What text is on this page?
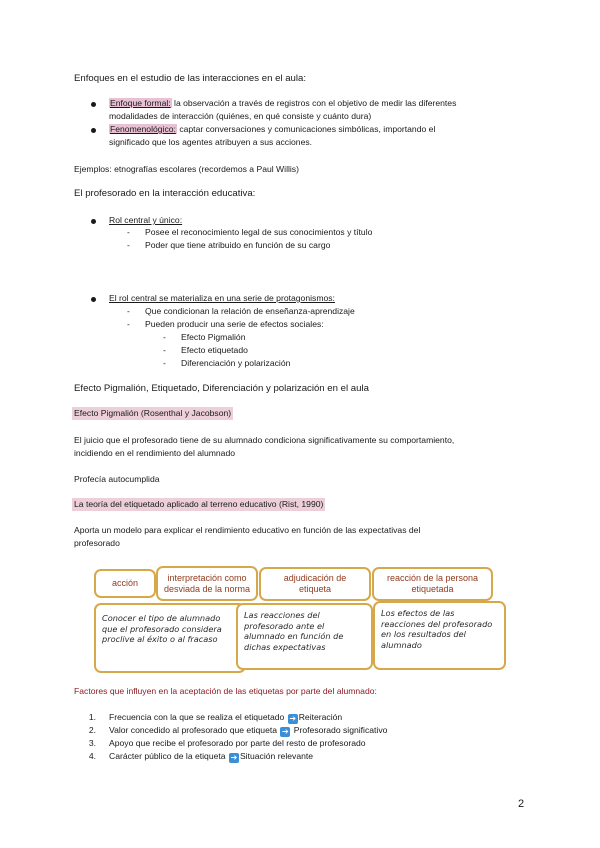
Enfoques en el estudio de las interacciones en el aula:
Enfoque formal: la observación a través de registros con el objetivo de medir las diferentes
modalidades de interacción (quiénes, en qué consiste y cuánto dura)
Fenomenológico: captar conversaciones y comunicaciones simbólicas, importando el
significado que los agentes atribuyen a sus acciones.
Ejemplos: etnografías escolares (recordemos a Paul Willis)
El profesorado en la interacción educativa:
Rol central y único:
- Posee el reconocimiento legal de sus conocimientos y título
- Poder que tiene atribuido en función de su cargo
El rol central se materializa en una serie de protagonismos:
- Que condicionan la relación de enseñanza-aprendizaje
- Pueden producir una serie de efectos sociales:
- Efecto Pigmalión
- Efecto etiquetado
- Diferenciación y polarización
Efecto Pigmalión, Etiquetado, Diferenciación y polarización en el aula
Efecto Pigmalión (Rosenthal y Jacobson)
El juicio que el profesorado tiene de su alumnado condiciona significativamente su comportamiento,
incidiendo en el rendimiento del alumnado
Profecía autocumplida
La teoría del etiquetado aplicado al terreno educativo (Rist, 1990)
Aporta un modelo para explicar el rendimiento educativo en función de las expectativas del
profesorado
acción
interpretación como
desviada de la norma
adjudicación de
etiqueta
reacción de la persona
etiquetada
Conocer el tipo de alumnado
que el profesorado considera
proclive al éxito o al fracaso
Las reacciones del
profesorado ante el
alumnado en función de
dichas expectativas
Los efectos de las
reacciones del profesorado
en los resultados del
alumnado
Factores que influyen en la aceptación de las etiquetas por parte del alumnado:
1. Frecuencia con la que se realiza el etiquetado ➔ Reiteración
2. Valor concedido al profesorado que etiqueta ➔ Profesorado significativo
3. Apoyo que recibe el profesorado por parte del resto de profesorado
4. Carácter público de la etiqueta ➔ Situación relevante
2
